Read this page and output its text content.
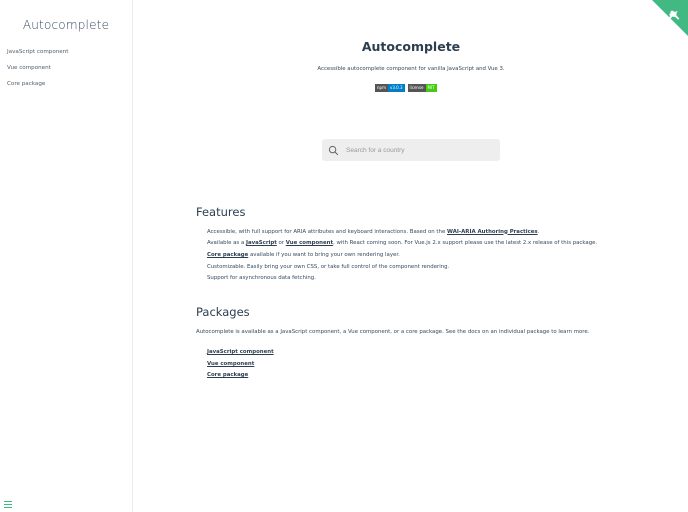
Autocomplete
JavaScript component
Vue component
Core package
Autocomplete
Accessible autocomplete component for vanilla JavaScript and Vue 3.
npm	v3.0.3	license	MIT
Search for a country
Features
Accessible, with full support for ARIA attributes and keyboard interactions. Based on the WAI-ARIA Authoring Practices.
Available as a JavaScript or Vue component, with React coming soon. For Vue.js 2.x support please use the latest 2.x release of this package.
Core package available if you want to bring your own rendering layer.
Customizable. Easily bring your own CSS, or take full control of the component rendering.
Support for asynchronous data fetching.
Packages

Autocomplete is available as a JavaScript component, a Vue component, or a core package. See the docs on an individual package to learn more.

JavaScript component
Vue component
Core package
